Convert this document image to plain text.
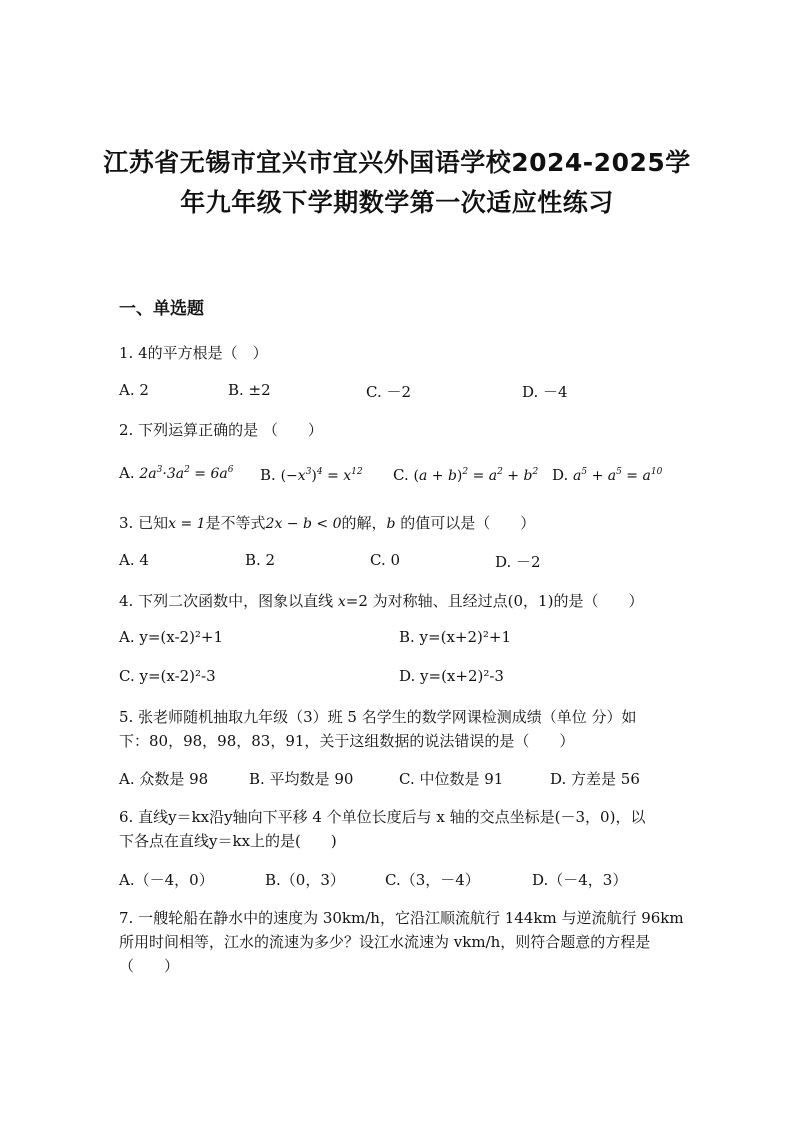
江苏省无锡市宜兴市宜兴外国语学校2024-2025学
年九年级下学期数学第一次适应性练习
一、单选题
1. 4的平方根是（　）
A. 2	B. ±2	C. －2	D. －4
2. 下列运算正确的是 （　　）
A. $2a^3\cdot 3a^2 = 6a^6$ B. $(-x^3)^4 = x^{12}$ C. $(a + b)^2 = a^2 + b^2$ D. $a^5 + a^5 = a^{10}$
3. 已知x = 1是不等式2x − b < 0的解，b 的值可以是（　　）
A. 4	B. 2	C. 0	D. －2
4. 下列二次函数中，图象以直线 x=2 为对称轴、且经过点(0，1)的是（　　）
A. y=(x-2)²+1	B. y=(x+2)²+1
C. y=(x-2)²-3	D. y=(x+2)²-3
5. 张老师随机抽取九年级（3）班 5 名学生的数学网课检测成绩（单位 分）如
下：80，98，98，83，91，关于这组数据的说法错误的是（　　）
A. 众数是 98	B. 平均数是 90	C. 中位数是 91	D. 方差是 56
6. 直线y＝kx沿y轴向下平移 4 个单位长度后与 x 轴的交点坐标是(－3，0)，以
下各点在直线y＝kx上的是(　　)
A.（－4，0）	B.（0，3）	C.（3，－4）	D.（－4，3）
7. 一艘轮船在静水中的速度为 30km/h，它沿江顺流航行 144km 与逆流航行 96km
所用时间相等，江水的流速为多少？设江水流速为 vkm/h，则符合题意的方程是
（　　）
